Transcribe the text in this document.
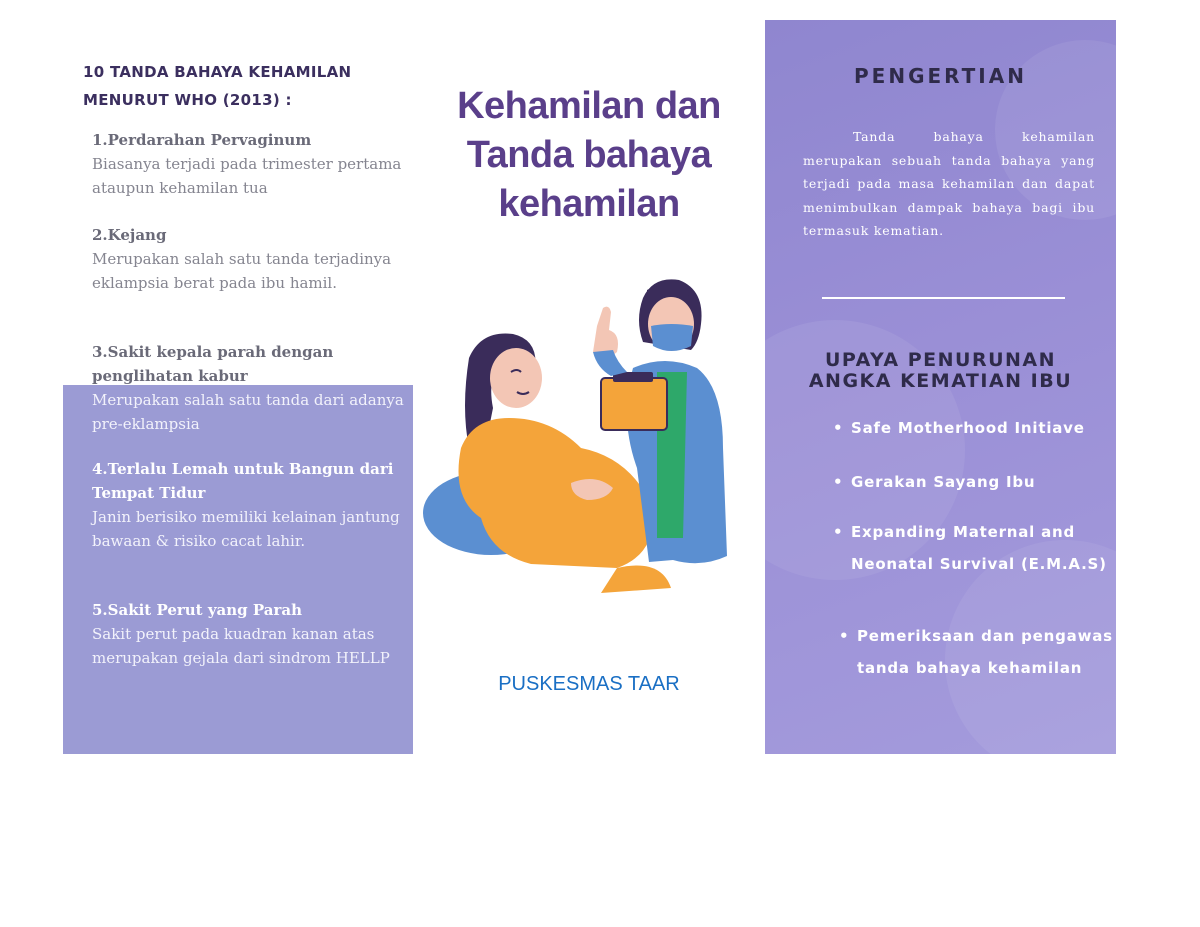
10 TANDA BAHAYA KEHAMILAN
MENURUT WHO (2013) :
1.Perdarahan Pervaginum
Biasanya terjadi pada trimester pertama ataupun kehamilan tua
2.Kejang
Merupakan salah satu tanda terjadinya eklampsia berat pada ibu hamil.
3.Sakit kepala parah dengan penglihatan kabur
Merupakan salah satu tanda dari adanya pre-eklampsia
4.Terlalu Lemah untuk Bangun dari Tempat Tidur
Janin berisiko memiliki kelainan jantung bawaan & risiko cacat lahir.
5.Sakit Perut yang Parah
Sakit perut pada kuadran kanan atas merupakan gejala dari sindrom HELLP
Kehamilan dan
Tanda bahaya
kehamilan
PUSKESMAS TAAR
PENGERTIAN
Tanda bahaya kehamilan merupakan sebuah tanda bahaya yang terjadi pada masa kehamilan dan dapat menimbulkan dampak bahaya bagi ibu termasuk kematian.
UPAYA PENURUNAN
ANGKA KEMATIAN IBU
• Safe Motherhood Initiave
• Gerakan Sayang Ibu
• Expanding Maternal and Neonatal Survival (E.M.A.S)
• Pemeriksaan dan pengawas tanda bahaya kehamilan
